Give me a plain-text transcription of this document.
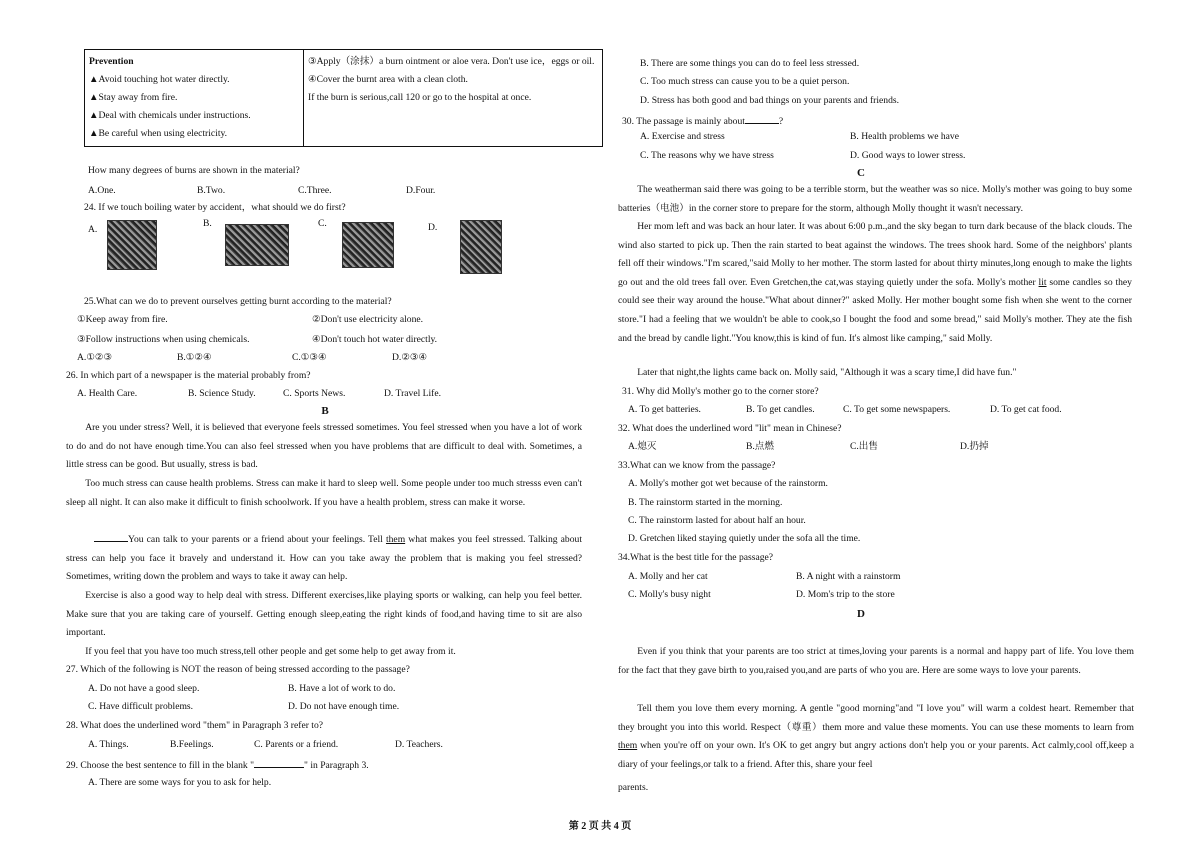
Prevention
▲Avoid touching hot water directly.
▲Stay away from fire.
▲Deal with chemicals under instructions.
▲Be careful when using electricity.

③Apply（涂抹）a burn ointment or aloe vera. Don't use ice，eggs or oil.
④Cover the burnt area with a clean cloth.
If the burn is serious,call 120 or go to the hospital at once.
How many degrees of burns are shown in the material?
A.One.	B.Two.	C.Three.	D.Four.
24. If we touch boiling water by accident，what should we do first?
A.
B.	C.	D.
25.What can we do to prevent ourselves getting burnt according to the material?
①Keep away from fire.	②Don't use electricity alone.
③Follow instructions when using chemicals.	④Don't touch hot water directly.
A.①②③	B.①②④	C.①③④	D.②③④
26. In which part of a newspaper is the material probably from?
A. Health Care.	B. Science Study.	C. Sports News.	D. Travel Life.
B
Are you under stress? Well, it is believed that everyone feels stressed sometimes. You feel stressed when you have a lot of work to do and do not have enough time.You can also feel stressed when you have problems that are difficult to deal with. Sometimes, a little stress can be good. But usually, stress is bad.
Too much stress can cause health problems. Stress can make it hard to sleep well. Some people under too much stresss even can't sleep all night. It can also make it difficult to finish schoolwork. If you have a health problem, stress can make it worse.
You can talk to your parents or a friend about your feelings. Tell them what makes you feel stressed. Talking about stress can help you face it bravely and understand it. How can you take away the problem that is making you feel stressed? Sometimes, writing down the problem and ways to take it away can help.
Exercise is also a good way to help deal with stress. Different exercises,like playing sports or walking, can help you feel better. Make sure that you are taking care of yourself. Getting enough sleep,eating the right kinds of food,and having time to sit are also important.
If you feel that you have too much stress,tell other people and get some help to get away from it.
27. Which of the following is NOT the reason of being stressed according to the passage?
A. Do not have a good sleep.	B. Have a lot of work to do.
C. Have difficult problems.	D. Do not have enough time.
28. What does the underlined word "them" in Paragraph 3 refer to?
A. Things.	B.Feelings.	C. Parents or a friend.	D. Teachers.
29. Choose the best sentence to fill in the blank "	" in Paragraph 3.
A. There are some ways for you to ask for help.
B. There are some things you can do to feel less stressed.
C. Too much stress can cause you to be a quiet person.
D. Stress has both good and bad things on your parents and friends.
30. The passage is mainly about	?
A. Exercise and stress	B. Health problems we have
C. The reasons why we have stress	D. Good ways to lower stress.
C
The weatherman said there was going to be a terrible storm, but the weather was so nice. Molly's mother was going to buy some batteries（电池）in the corner store to prepare for the storm, although Molly thought it wasn't necessary.
Her mom left and was back an hour later. It was about 6:00 p.m.,and the sky began to turn dark because of the black clouds. The wind also started to pick up. Then the rain started to beat against the windows. The trees shook hard. Some of the neighbors' plants fell off their windows."I'm scared,"said Molly to her mother. The storm lasted for about thirty minutes,long enough to make the lights go out and the old trees fall over. Even Gretchen,the cat,was staying quietly under the sofa. Molly's mother lit some candles so they could see their way around the house."What about dinner?" asked Molly. Her mother bought some fish when she went to the corner store."I had a feeling that we wouldn't be able to cook,so I bought the food and some bread," said Molly's mother. They ate the fish and the bread by candle light."You know,this is kind of fun. It's almost like camping," said Molly.
Later that night,the lights came back on. Molly said, "Although it was a scary time,I did have fun."
31. Why did Molly's mother go to the corner store?
A. To get batteries.	B. To get candles.	C. To get some newspapers.	D. To get cat food.
32. What does the underlined word "lit" mean in Chinese?
A.熄灭	B.点燃	C.出售	D.扔掉
33.What can we know from the passage?
A. Molly's mother got wet because of the rainstorm.
B. The rainstorm started in the morning.
C. The rainstorm lasted for about half an hour.
D. Gretchen liked staying quietly under the sofa all the time.
34.What is the best title for the passage?
A. Molly and her cat	B. A night with a rainstorm
C. Molly's busy night	D. Mom's trip to the store
D
Even if you think that your parents are too strict at times,loving your parents is a normal and happy part of life. You love them for the fact that they gave birth to you,raised you,and are parts of who you are. Here are some ways to love your parents.
Tell them you love them every morning. A gentle "good morning"and "I love you" will warm a coldest heart. Remember that they brought you into this world. Respect（尊重）them more and value these moments. You can use these moments to learn from them when you're off on your own. It's OK to get angry but angry actions don't help you or your parents. Act calmly,cool off,keep a diary of your feelings,or talk to a friend. After this, share your feel
parents.
第 2 页 共 4 页
